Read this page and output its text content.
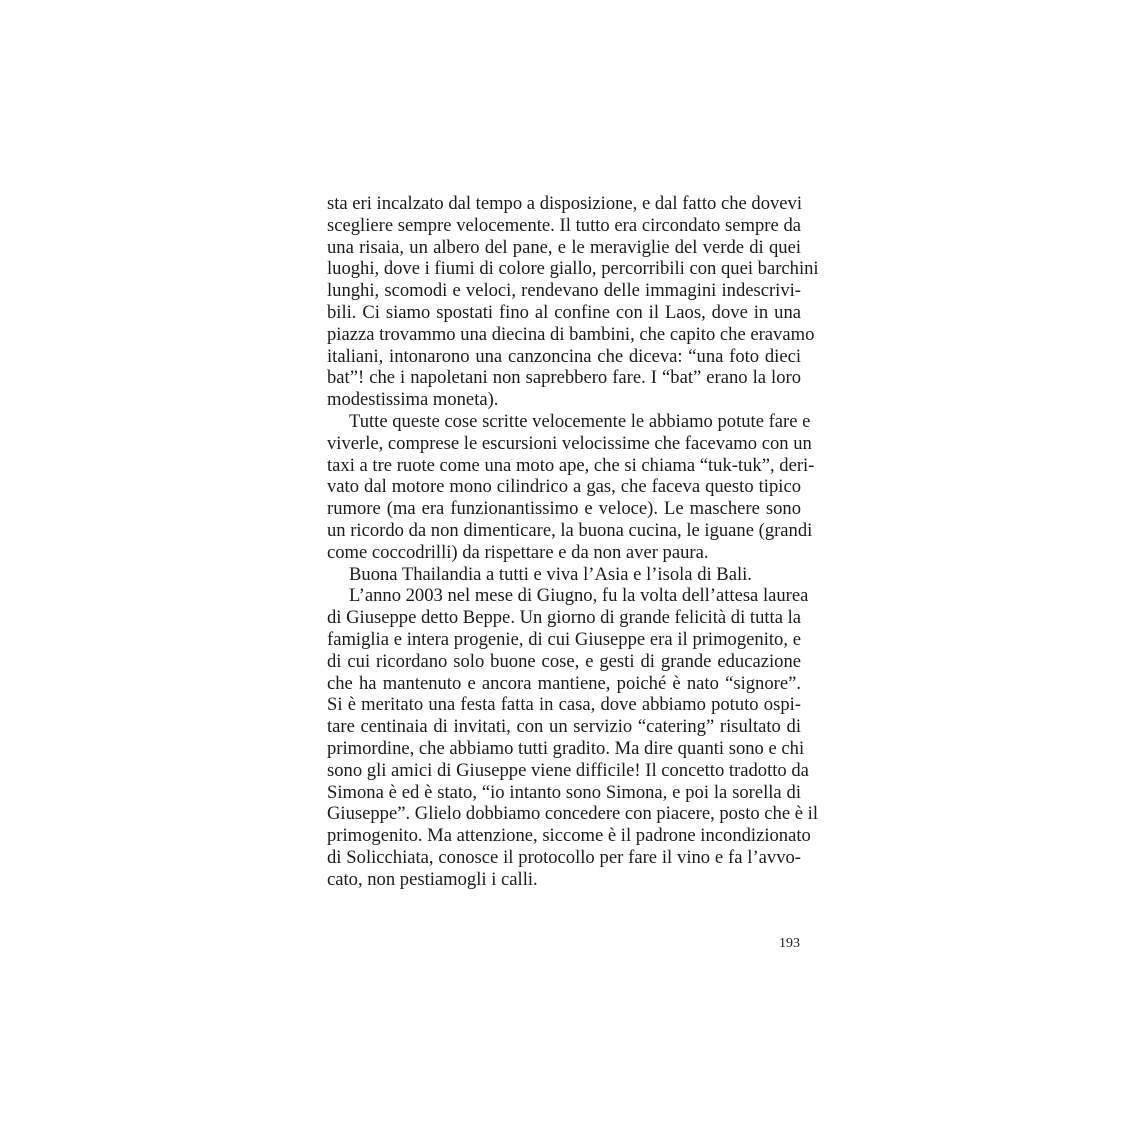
sta eri incalzato dal tempo a disposizione, e dal fatto che dovevi
scegliere sempre velocemente. Il tutto era circondato sempre da
una risaia, un albero del pane, e le meraviglie del verde di quei
luoghi, dove i fiumi di colore giallo, percorribili con quei barchini
lunghi, scomodi e veloci, rendevano delle immagini indescrivi-
bili. Ci siamo spostati fino al confine con il Laos, dove in una
piazza trovammo una diecina di bambini, che capito che eravamo
italiani, intonarono una canzoncina che diceva: “una foto dieci
bat”! che i napoletani non saprebbero fare. I “bat” erano la loro
modestissima moneta).
Tutte queste cose scritte velocemente le abbiamo potute fare e
viverle, comprese le escursioni velocissime che facevamo con un
taxi a tre ruote come una moto ape, che si chiama “tuk-tuk”, deri-
vato dal motore mono cilindrico a gas, che faceva questo tipico
rumore (ma era funzionantissimo e veloce). Le maschere sono
un ricordo da non dimenticare, la buona cucina, le iguane (grandi
come coccodrilli) da rispettare e da non aver paura.
Buona Thailandia a tutti e viva l’Asia e l’isola di Bali.
L’anno 2003 nel mese di Giugno, fu la volta dell’attesa laurea
di Giuseppe detto Beppe. Un giorno di grande felicità di tutta la
famiglia e intera progenie, di cui Giuseppe era il primogenito, e
di cui ricordano solo buone cose, e gesti di grande educazione
che ha mantenuto e ancora mantiene, poiché è nato “signore”.
Si è meritato una festa fatta in casa, dove abbiamo potuto ospi-
tare centinaia di invitati, con un servizio “catering” risultato di
primordine, che abbiamo tutti gradito. Ma dire quanti sono e chi
sono gli amici di Giuseppe viene difficile! Il concetto tradotto da
Simona è ed è stato, “io intanto sono Simona, e poi la sorella di
Giuseppe”. Glielo dobbiamo concedere con piacere, posto che è il
primogenito. Ma attenzione, siccome è il padrone incondizionato
di Solicchiata, conosce il protocollo per fare il vino e fa l’avvo-
cato, non pestiamogli i calli.
193
